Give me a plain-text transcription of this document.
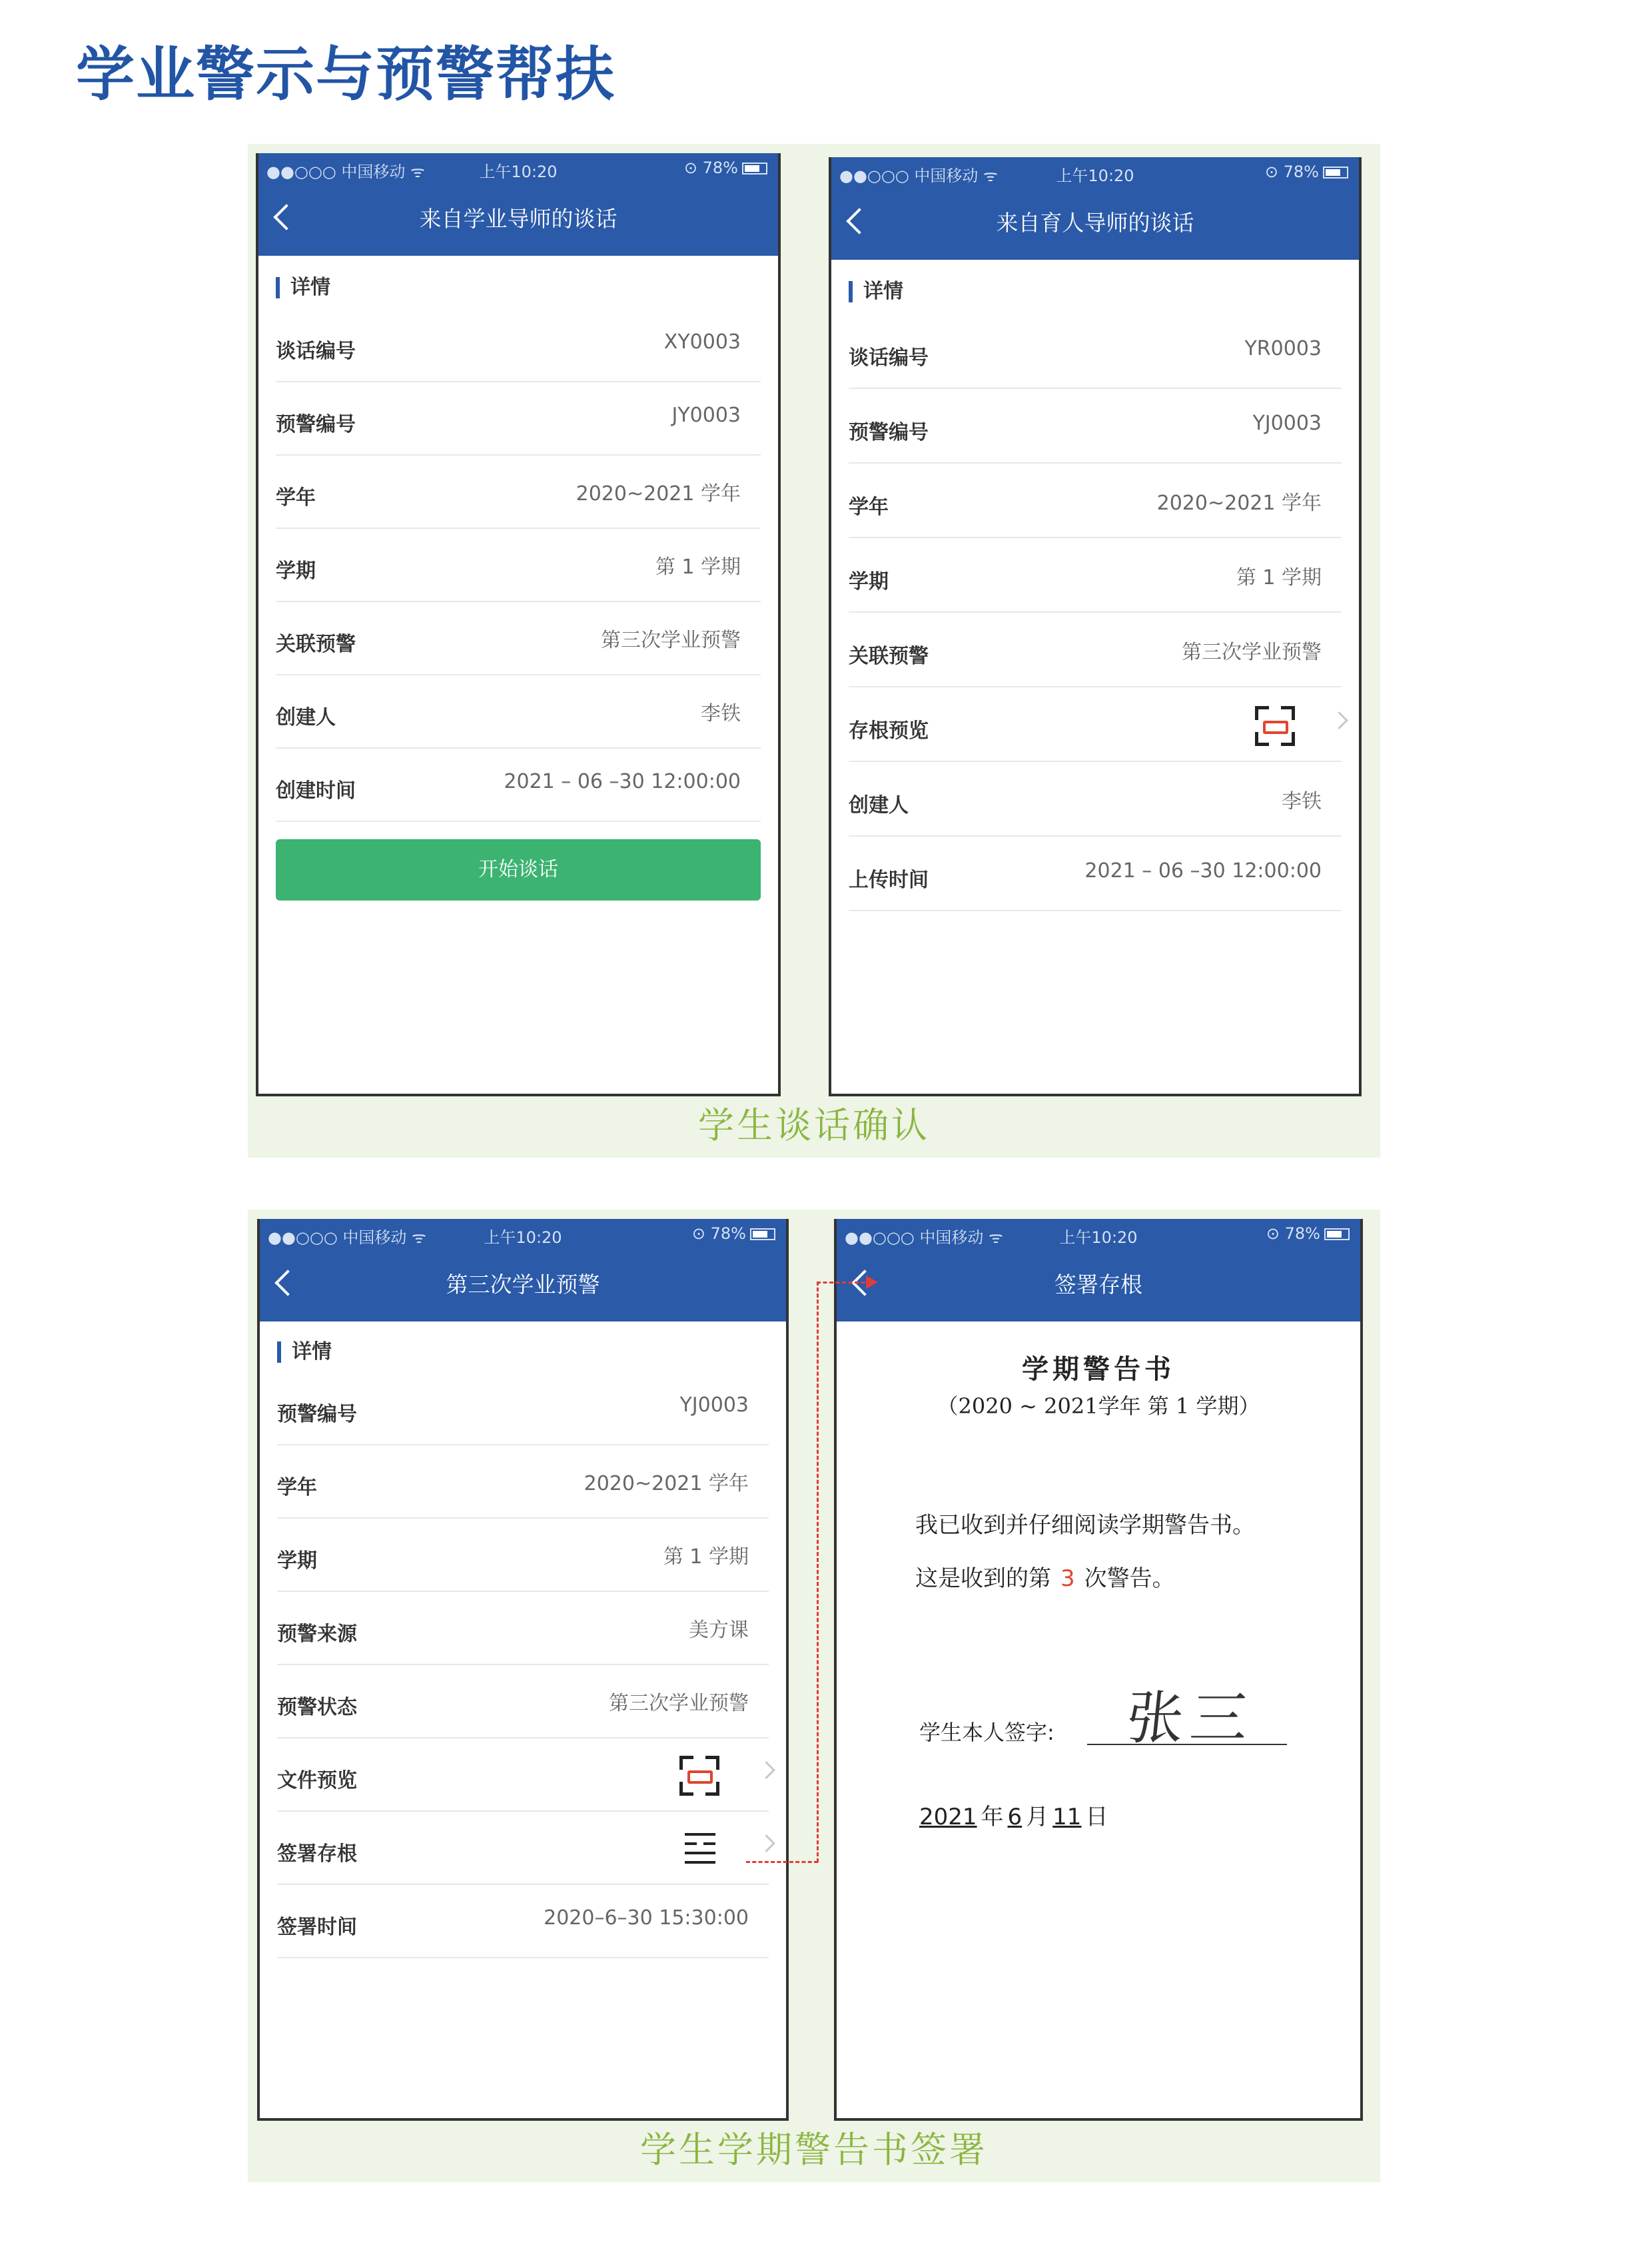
学业警示与预警帮扶
学生谈话确认
●●○○○ 中国移动 ᯤ	上午10:20	⊙ 78%
来自学业导师的谈话
详情
谈话编号	XY0003
预警编号	JY0003
学年	2020~2021 学年
学期	第 1 学期
关联预警	第三次学业预警
创建人	李铁
创建时间	2021 – 06 –30 12:00:00
开始谈话
●●○○○ 中国移动 ᯤ	上午10:20	⊙ 78%
来自育人导师的谈话
详情
谈话编号	YR0003
预警编号	YJ0003
学年	2020~2021 学年
学期	第 1 学期
关联预警	第三次学业预警
存根预览
创建人	李铁
上传时间	2021 – 06 –30 12:00:00
学生学期警告书签署
●●○○○ 中国移动 ᯤ	上午10:20	⊙ 78%
第三次学业预警
详情
预警编号	YJ0003
学年	2020~2021 学年
学期	第 1 学期
预警来源	美方课
预警状态	第三次学业预警
文件预览
签署存根
签署时间	2020–6–30 15:30:00
●●○○○ 中国移动 ᯤ	上午10:20	⊙ 78%
签署存根
学期警告书
（2020 ~ 2021学年 第 1 学期）
我已收到并仔细阅读学期警告书。
这是收到的第 3 次警告。
学生本人签字: 张三
2021 年 6 月 11 日
